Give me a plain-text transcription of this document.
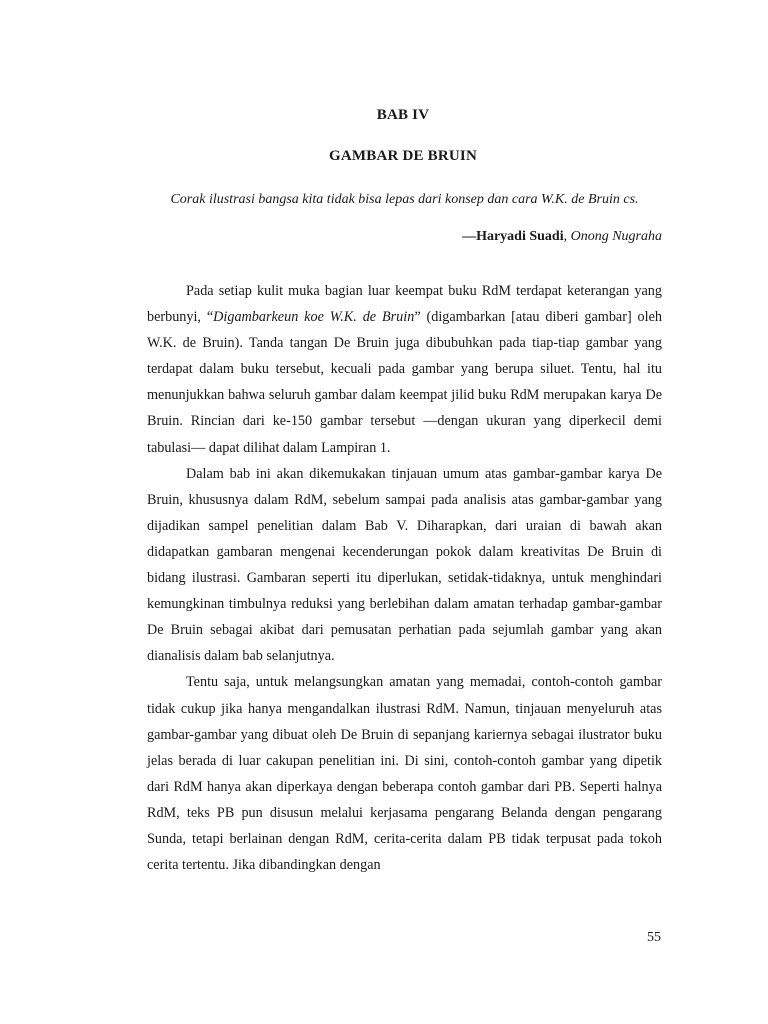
BAB IV
GAMBAR DE BRUIN
Corak ilustrasi bangsa kita tidak bisa lepas dari konsep dan cara W.K. de Bruin cs.
—Haryadi Suadi, Onong Nugraha

Pada setiap kulit muka bagian luar keempat buku RdM terdapat keterangan yang berbunyi, “Digambarkeun koe W.K. de Bruin” (digambarkan [atau diberi gambar] oleh W.K. de Bruin). Tanda tangan De Bruin juga dibubuhkan pada tiap-tiap gambar yang terdapat dalam buku tersebut, kecuali pada gambar yang berupa siluet. Tentu, hal itu menunjukkan bahwa seluruh gambar dalam keempat jilid buku RdM merupakan karya De Bruin. Rincian dari ke-150 gambar tersebut —dengan ukuran yang diperkecil demi tabulasi— dapat dilihat dalam Lampiran 1.

Dalam bab ini akan dikemukakan tinjauan umum atas gambar-gambar karya De Bruin, khususnya dalam RdM, sebelum sampai pada analisis atas gambar-gambar yang dijadikan sampel penelitian dalam Bab V. Diharapkan, dari uraian di bawah akan didapatkan gambaran mengenai kecenderungan pokok dalam kreativitas De Bruin di bidang ilustrasi. Gambaran seperti itu diperlukan, setidak-tidaknya, untuk menghindari kemungkinan timbulnya reduksi yang berlebihan dalam amatan terhadap gambar-gambar De Bruin sebagai akibat dari pemusatan perhatian pada sejumlah gambar yang akan dianalisis dalam bab selanjutnya.

Tentu saja, untuk melangsungkan amatan yang memadai, contoh-contoh gambar tidak cukup jika hanya mengandalkan ilustrasi RdM. Namun, tinjauan menyeluruh atas gambar-gambar yang dibuat oleh De Bruin di sepanjang kariernya sebagai ilustrator buku jelas berada di luar cakupan penelitian ini. Di sini, contoh-contoh gambar yang dipetik dari RdM hanya akan diperkaya dengan beberapa contoh gambar dari PB. Seperti halnya RdM, teks PB pun disusun melalui kerjasama pengarang Belanda dengan pengarang Sunda, tetapi berlainan dengan RdM, cerita-cerita dalam PB tidak terpusat pada tokoh cerita tertentu. Jika dibandingkan dengan

55
